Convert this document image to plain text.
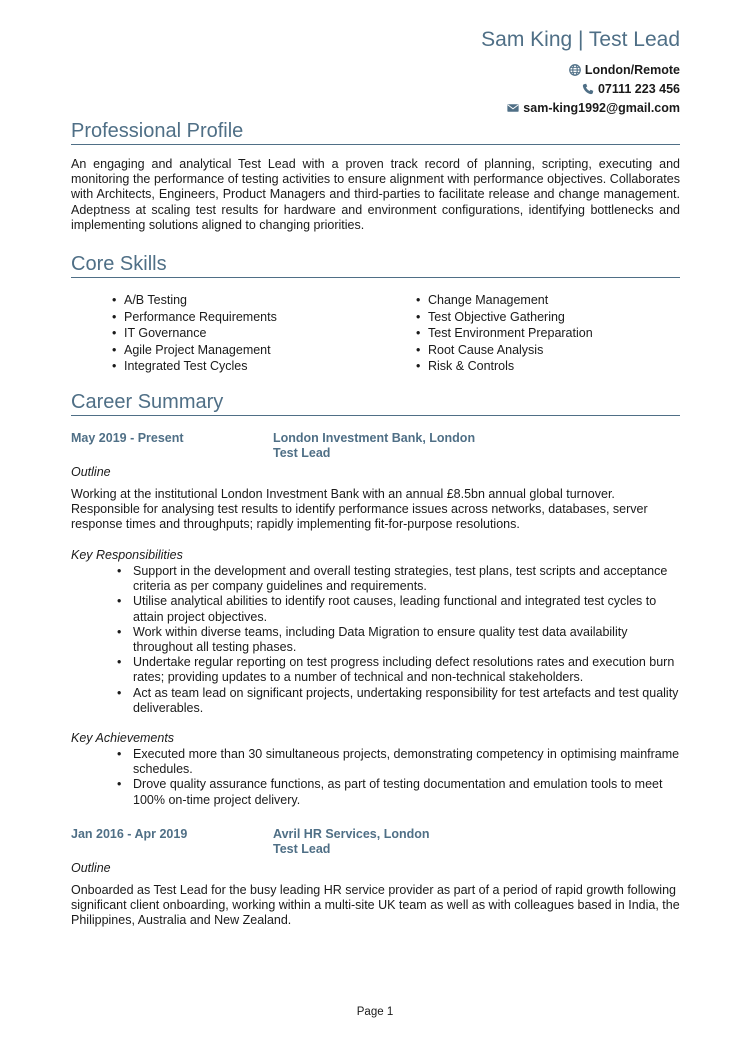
Sam King | Test Lead
London/Remote
07111 223 456
sam-king1992@gmail.com
Professional Profile
An engaging and analytical Test Lead with a proven track record of planning, scripting, executing and monitoring the performance of testing activities to ensure alignment with performance objectives. Collaborates with Architects, Engineers, Product Managers and third-parties to facilitate release and change management. Adeptness at scaling test results for hardware and environment configurations, identifying bottlenecks and implementing solutions aligned to changing priorities.
Core Skills
• A/B Testing
• Performance Requirements
• IT Governance
• Agile Project Management
• Integrated Test Cycles
• Change Management
• Test Objective Gathering
• Test Environment Preparation
• Root Cause Analysis
• Risk & Controls
Career Summary
May 2019 - Present	London Investment Bank, London
Test Lead
Outline
Working at the institutional London Investment Bank with an annual £8.5bn annual global turnover. Responsible for analysing test results to identify performance issues across networks, databases, server response times and throughputs; rapidly implementing fit-for-purpose resolutions.
Key Responsibilities
• Support in the development and overall testing strategies, test plans, test scripts and acceptance criteria as per company guidelines and requirements.
• Utilise analytical abilities to identify root causes, leading functional and integrated test cycles to attain project objectives.
• Work within diverse teams, including Data Migration to ensure quality test data availability throughout all testing phases.
• Undertake regular reporting on test progress including defect resolutions rates and execution burn rates; providing updates to a number of technical and non-technical stakeholders.
• Act as team lead on significant projects, undertaking responsibility for test artefacts and test quality deliverables.
Key Achievements
• Executed more than 30 simultaneous projects, demonstrating competency in optimising mainframe schedules.
• Drove quality assurance functions, as part of testing documentation and emulation tools to meet 100% on-time project delivery.
Jan 2016 - Apr 2019	Avril HR Services, London
Test Lead
Outline
Onboarded as Test Lead for the busy leading HR service provider as part of a period of rapid growth following significant client onboarding, working within a multi-site UK team as well as with colleagues based in India, the Philippines, Australia and New Zealand.
Page 1
